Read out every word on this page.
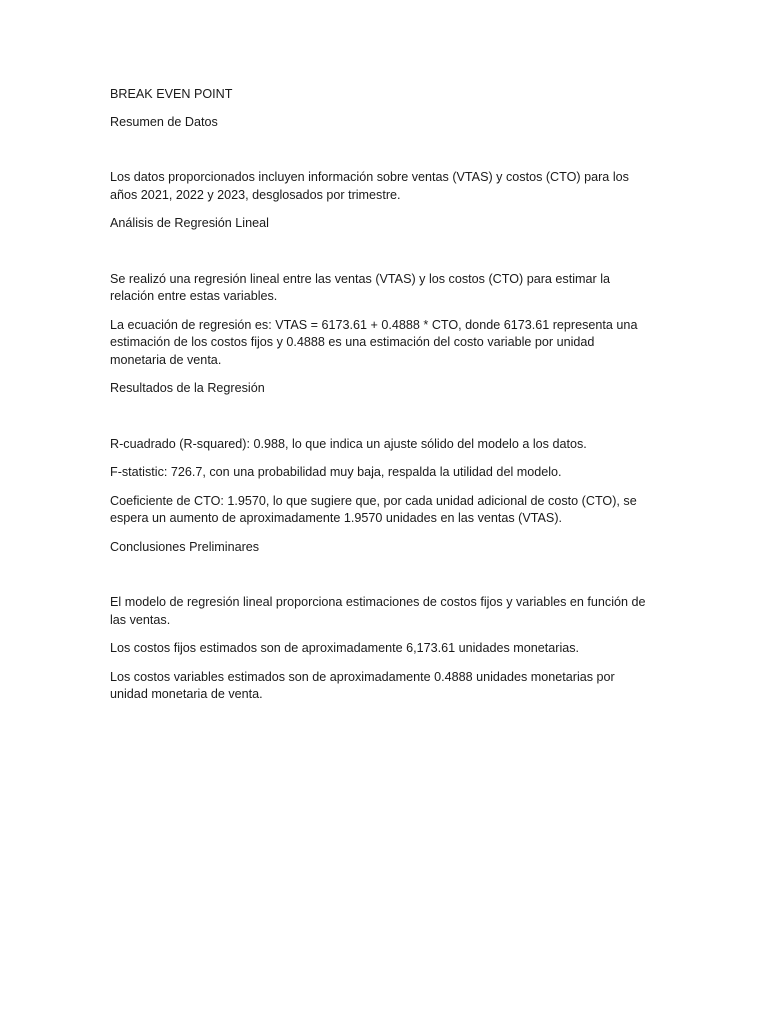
BREAK EVEN POINT

Resumen de Datos

Los datos proporcionados incluyen información sobre ventas (VTAS) y costos (CTO) para los años 2021, 2022 y 2023, desglosados por trimestre.

Análisis de Regresión Lineal

Se realizó una regresión lineal entre las ventas (VTAS) y los costos (CTO) para estimar la relación entre estas variables.

La ecuación de regresión es: VTAS = 6173.61 + 0.4888 * CTO, donde 6173.61 representa una estimación de los costos fijos y 0.4888 es una estimación del costo variable por unidad monetaria de venta.

Resultados de la Regresión

R-cuadrado (R-squared): 0.988, lo que indica un ajuste sólido del modelo a los datos.

F-statistic: 726.7, con una probabilidad muy baja, respalda la utilidad del modelo.

Coeficiente de CTO: 1.9570, lo que sugiere que, por cada unidad adicional de costo (CTO), se espera un aumento de aproximadamente 1.9570 unidades en las ventas (VTAS).

Conclusiones Preliminares

El modelo de regresión lineal proporciona estimaciones de costos fijos y variables en función de las ventas.

Los costos fijos estimados son de aproximadamente 6,173.61 unidades monetarias.

Los costos variables estimados son de aproximadamente 0.4888 unidades monetarias por unidad monetaria de venta.
